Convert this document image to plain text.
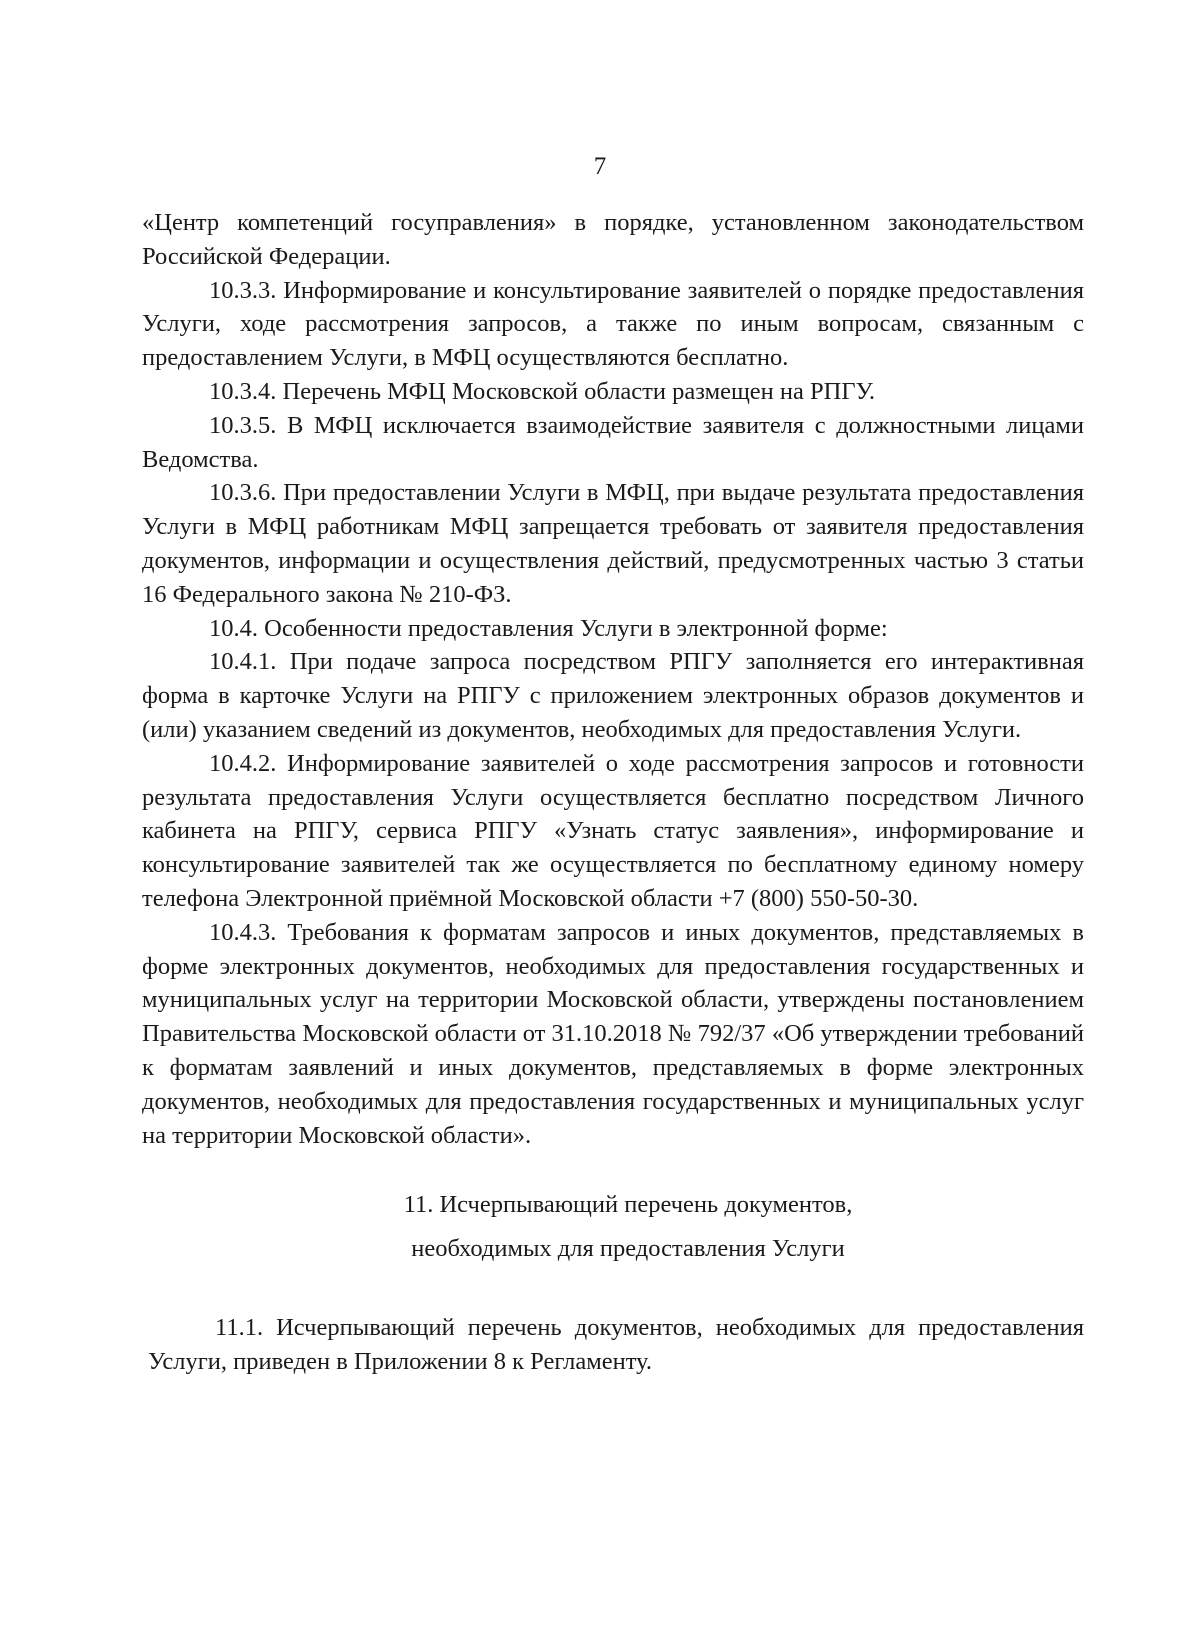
7

«Центр компетенций госуправления» в порядке, установленном законодательством Российской Федерации.

10.3.3. Информирование и консультирование заявителей о порядке предоставления Услуги, ходе рассмотрения запросов, а также по иным вопросам, связанным с предоставлением Услуги, в МФЦ осуществляются бесплатно.

10.3.4. Перечень МФЦ Московской области размещен на РПГУ.

10.3.5. В МФЦ исключается взаимодействие заявителя с должностными лицами Ведомства.

10.3.6. При предоставлении Услуги в МФЦ, при выдаче результата предоставления Услуги в МФЦ работникам МФЦ запрещается требовать от заявителя предоставления документов, информации и осуществления действий, предусмотренных частью 3 статьи 16 Федерального закона № 210-ФЗ.

10.4. Особенности предоставления Услуги в электронной форме:

10.4.1. При подаче запроса посредством РПГУ заполняется его интерактивная форма в карточке Услуги на РПГУ с приложением электронных образов документов и (или) указанием сведений из документов, необходимых для предоставления Услуги.

10.4.2. Информирование заявителей о ходе рассмотрения запросов и готовности результата предоставления Услуги осуществляется бесплатно посредством Личного кабинета на РПГУ, сервиса РПГУ «Узнать статус заявления», информирование и консультирование заявителей так же осуществляется по бесплатному единому номеру телефона Электронной приёмной Московской области +7 (800) 550-50-30.

10.4.3. Требования к форматам запросов и иных документов, представляемых в форме электронных документов, необходимых для предоставления государственных и муниципальных услуг на территории Московской области, утверждены постановлением Правительства Московской области от 31.10.2018 № 792/37 «Об утверждении требований к форматам заявлений и иных документов, представляемых в форме электронных документов, необходимых для предоставления государственных и муниципальных услуг на территории Московской области».

11. Исчерпывающий перечень документов,
необходимых для предоставления Услуги

11.1. Исчерпывающий перечень документов, необходимых для предоставления Услуги, приведен в Приложении 8 к Регламенту.
